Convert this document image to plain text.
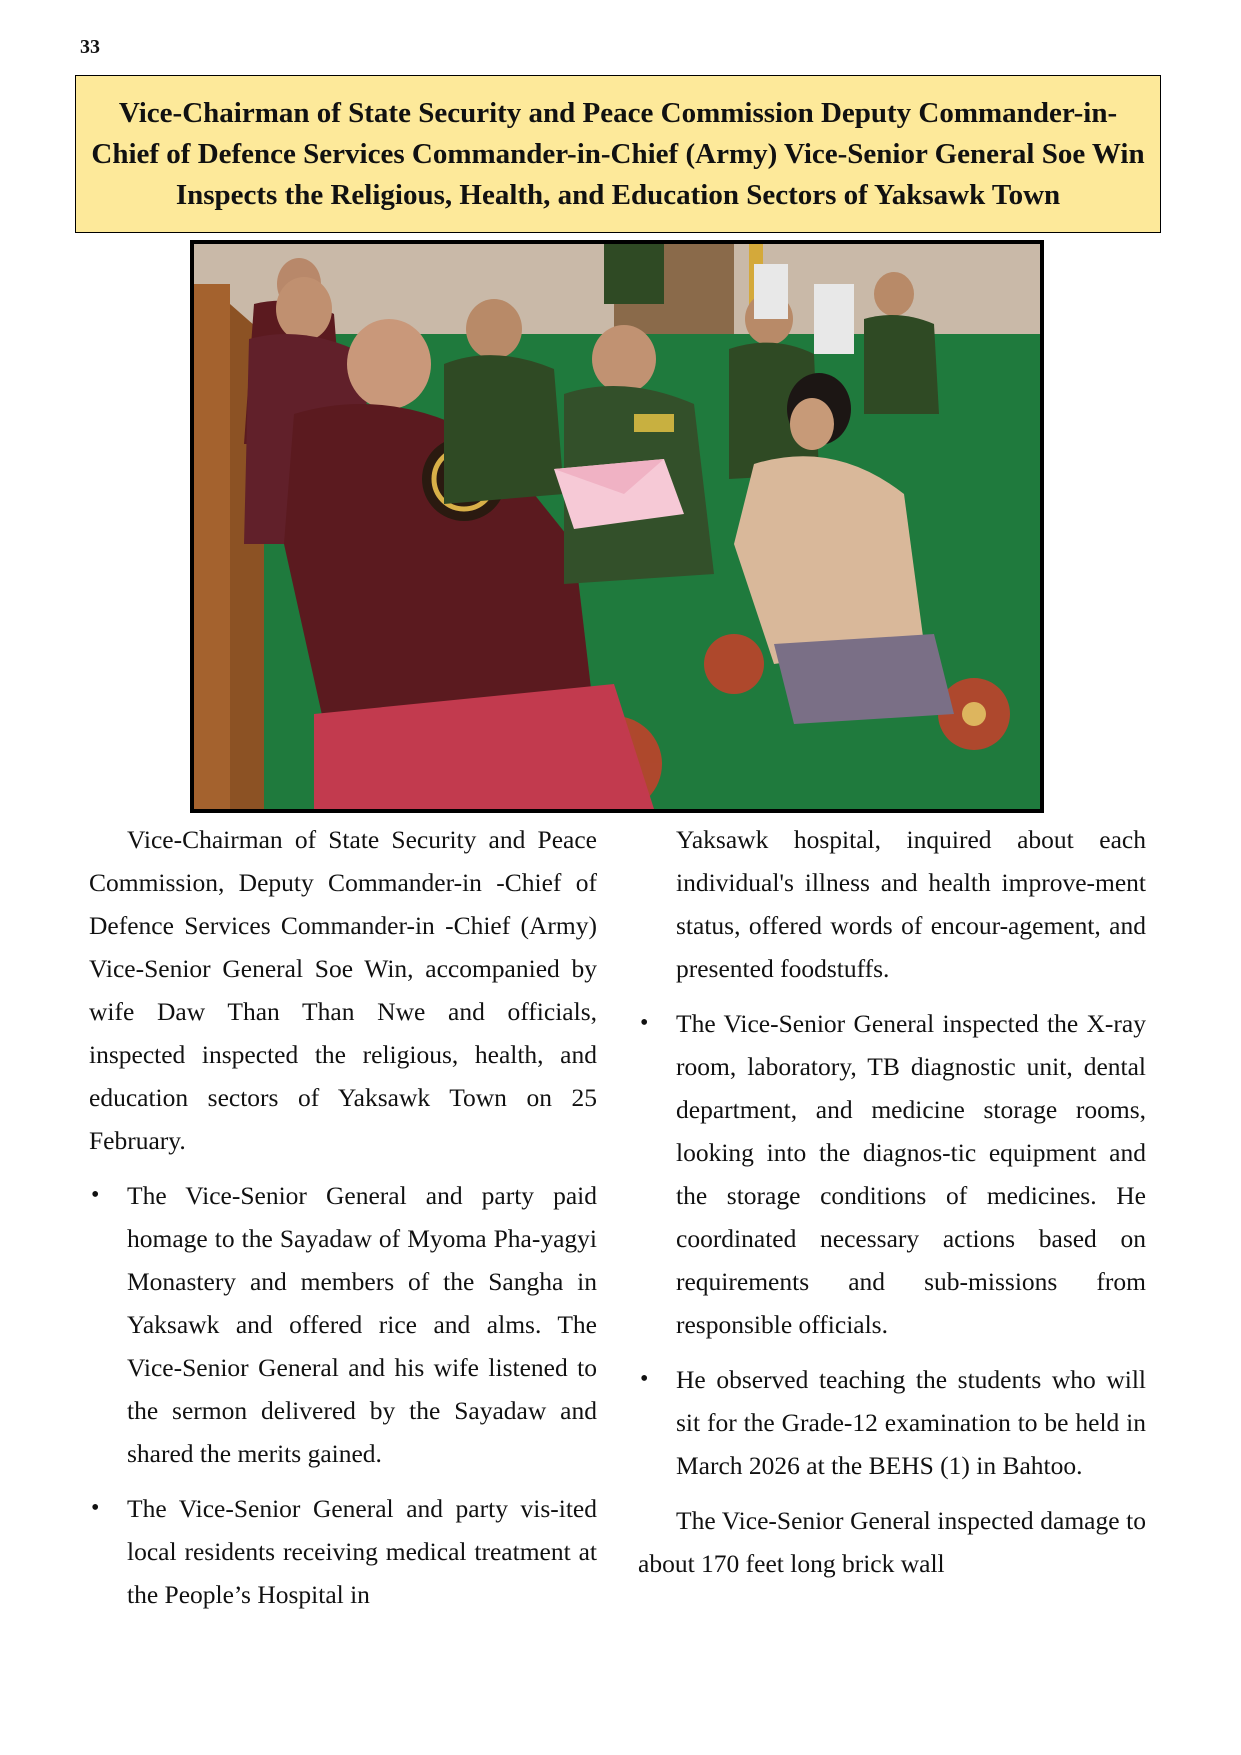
33
Vice-Chairman of State Security and Peace Commission Deputy Commander-in-Chief of Defence Services Commander-in-Chief (Army) Vice-Senior General Soe Win Inspects the Religious, Health, and Education Sectors of Yaksawk Town

Vice-Chairman of State Security and Peace Commission, Deputy Commander-in -Chief of Defence Services Commander-in -Chief (Army) Vice-Senior General Soe Win, accompanied by wife Daw Than Than Nwe and officials, inspected inspected the religious, health, and education sectors of Yaksawk Town on 25 February.

• The Vice-Senior General and party paid homage to the Sayadaw of Myoma Pha-yagyi Monastery and members of the Sangha in Yaksawk and offered rice and alms. The Vice-Senior General and his wife listened to the sermon delivered by the Sayadaw and shared the merits gained.
• The Vice-Senior General and party vis-ited local residents receiving medical treatment at the People’s Hospital in

Yaksawk hospital, inquired about each individual's illness and health improve-ment status, offered words of encour-agement, and presented foodstuffs.

• The Vice-Senior General inspected the X-ray room, laboratory, TB diagnostic unit, dental department, and medicine storage rooms, looking into the diagnos-tic equipment and the storage conditions of medicines. He coordinated necessary actions based on requirements and sub-missions from responsible officials.
• He observed teaching the students who will sit for the Grade-12 examination to be held in March 2026 at the BEHS (1) in Bahtoo.

The Vice-Senior General inspected damage to about 170 feet long brick wall
